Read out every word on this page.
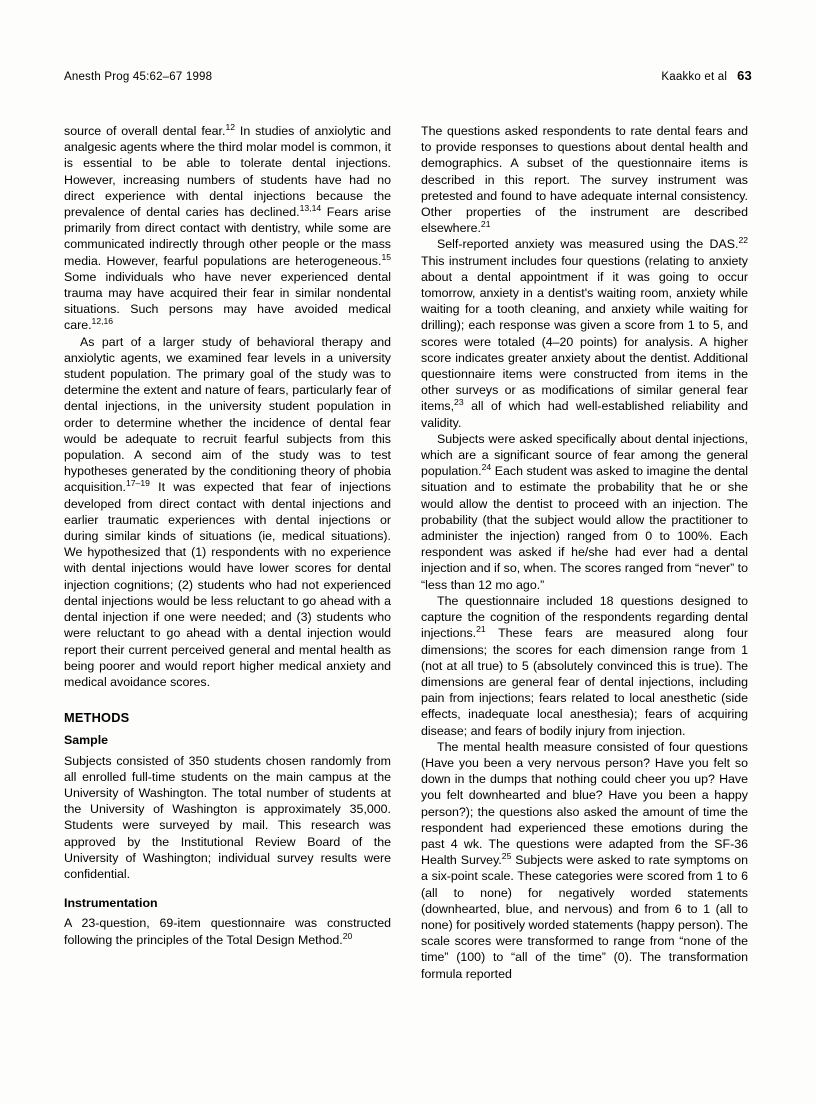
Anesth Prog 45:62–67 1998	Kaakko et al 63

source of overall dental fear.$^{12}$ In studies of anxiolytic and analgesic agents where the third molar model is common, it is essential to be able to tolerate dental injections. However, increasing numbers of students have had no direct experience with dental injections because the prevalence of dental caries has declined.$^{13,14}$ Fears arise primarily from direct contact with dentistry, while some are communicated indirectly through other people or the mass media. However, fearful populations are heterogeneous.$^{15}$ Some individuals who have never experienced dental trauma may have acquired their fear in similar nondental situations. Such persons may have avoided medical care.$^{12,16}$

As part of a larger study of behavioral therapy and anxiolytic agents, we examined fear levels in a university student population. The primary goal of the study was to determine the extent and nature of fears, particularly fear of dental injections, in the university student population in order to determine whether the incidence of dental fear would be adequate to recruit fearful subjects from this population. A second aim of the study was to test hypotheses generated by the conditioning theory of phobia acquisition.$^{17-19}$ It was expected that fear of injections developed from direct contact with dental injections and earlier traumatic experiences with dental injections or during similar kinds of situations (ie, medical situations). We hypothesized that (1) respondents with no experience with dental injections would have lower scores for dental injection cognitions; (2) students who had not experienced dental injections would be less reluctant to go ahead with a dental injection if one were needed; and (3) students who were reluctant to go ahead with a dental injection would report their current perceived general and mental health as being poorer and would report higher medical anxiety and medical avoidance scores.

METHODS
Sample

Subjects consisted of 350 students chosen randomly from all enrolled full-time students on the main campus at the University of Washington. The total number of students at the University of Washington is approximately 35,000. Students were surveyed by mail. This research was approved by the Institutional Review Board of the University of Washington; individual survey results were confidential.

Instrumentation

A 23-question, 69-item questionnaire was constructed following the principles of the Total Design Method.$^{20}$

The questions asked respondents to rate dental fears and to provide responses to questions about dental health and demographics. A subset of the questionnaire items is described in this report. The survey instrument was pretested and found to have adequate internal consistency. Other properties of the instrument are described elsewhere.$^{21}$

Self-reported anxiety was measured using the DAS.$^{22}$ This instrument includes four questions (relating to anxiety about a dental appointment if it was going to occur tomorrow, anxiety in a dentist's waiting room, anxiety while waiting for a tooth cleaning, and anxiety while waiting for drilling); each response was given a score from 1 to 5, and scores were totaled (4–20 points) for analysis. A higher score indicates greater anxiety about the dentist. Additional questionnaire items were constructed from items in the other surveys or as modifications of similar general fear items,$^{23}$ all of which had well-established reliability and validity.

Subjects were asked specifically about dental injections, which are a significant source of fear among the general population.$^{24}$ Each student was asked to imagine the dental situation and to estimate the probability that he or she would allow the dentist to proceed with an injection. The probability (that the subject would allow the practitioner to administer the injection) ranged from 0 to 100%. Each respondent was asked if he/she had ever had a dental injection and if so, when. The scores ranged from “never” to “less than 12 mo ago.”

The questionnaire included 18 questions designed to capture the cognition of the respondents regarding dental injections.$^{21}$ These fears are measured along four dimensions; the scores for each dimension range from 1 (not at all true) to 5 (absolutely convinced this is true). The dimensions are general fear of dental injections, including pain from injections; fears related to local anesthetic (side effects, inadequate local anesthesia); fears of acquiring disease; and fears of bodily injury from injection.

The mental health measure consisted of four questions (Have you been a very nervous person? Have you felt so down in the dumps that nothing could cheer you up? Have you felt downhearted and blue? Have you been a happy person?); the questions also asked the amount of time the respondent had experienced these emotions during the past 4 wk. The questions were adapted from the SF-36 Health Survey.$^{25}$ Subjects were asked to rate symptoms on a six-point scale. These categories were scored from 1 to 6 (all to none) for negatively worded statements (downhearted, blue, and nervous) and from 6 to 1 (all to none) for positively worded statements (happy person). The scale scores were transformed to range from “none of the time” (100) to “all of the time” (0). The transformation formula reported
